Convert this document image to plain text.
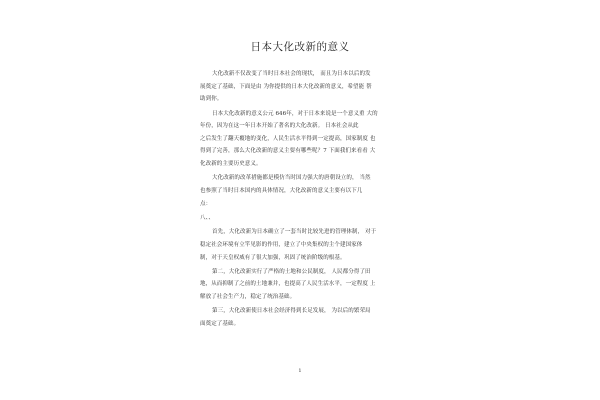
日本大化改新的意义
大化改新不仅改变了当时日本社会的现状， 而且为日本以后的发
展奠定了基础，下面是由 为你提供的日本大化改新的意义，希望能 帮
助到你。
日本大化改新的意义公元 646年，对于日本来说是一个意义重 大的
年份，因为在这一年日本开始了著名的大化改新。 日本社会从此
之后发生了翻天覆地的变化，人民生活水平得到一定提高，国家制度 也
得到了完善，那么大化改新的意义主要有哪些呢？7 下面我们来看看 大
化改新的主要历史意义。
大化改新的改革措施都是模仿当时国力强大的唐朝设立的， 当然
也参照了当时日本国内的具体情况，大化改新的意义主要有以下几
点：
八、、
首先，大化改新为日本确立了一套当时比较先进的管理体制， 对于
稳定社会环境有立竿见影的作用，建立了中央集权的主个建国家体
制，对于天皇权威有了很大加强，巩固了统治阶级的根基。
第二，大化改新实行了严格的土地和公民制度， 人民都分得了田
地，从而抑制了之前的土地兼并，也提高了人民生活水平，一定程度 上
解放了社会生产力，稳定了统治基础。
第三，大化改新使日本社会经济得到长足发展， 为以后的繁荣局
面奠定了基础。
1
